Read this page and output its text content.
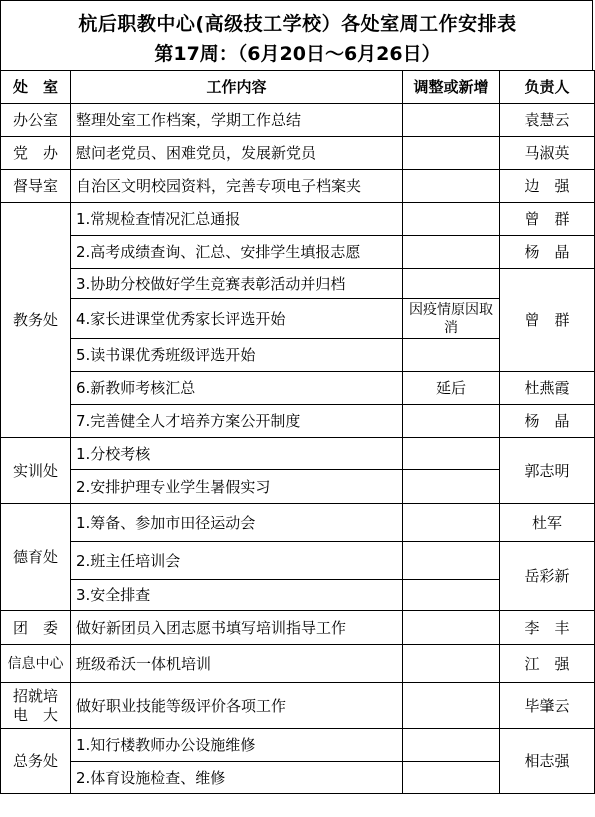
杭后职教中心(高级技工学校）各处室周工作安排表
第17周：（6月20日～6月26日）
处　室	工作内容	调整或新增	负责人
办公室	整理处室工作档案，学期工作总结		袁慧云
党　办	慰问老党员、困难党员，发展新党员		马淑英
督导室	自治区文明校园资料，完善专项电子档案夹		边　强
教务处	1.常规检查情况汇总通报		曾　群
	2.高考成绩查询、汇总、安排学生填报志愿		杨　晶
	3.协助分校做好学生竞赛表彰活动并归档		曾　群
	4.家长进课堂优秀家长评选开始	因疫情原因取消	
	5.读书课优秀班级评选开始		
	6.新教师考核汇总	延后	杜燕霞
	7.完善健全人才培养方案公开制度		杨　晶
实训处	1.分校考核		郭志明
	2.安排护理专业学生暑假实习		
德育处	1.筹备、参加市田径运动会		杜军
	2.班主任培训会		岳彩新
	3.安全排查		
团　委	做好新团员入团志愿书填写培训指导工作		李　丰
信息中心	班级希沃一体机培训		江　强
招就培电　大	做好职业技能等级评价各项工作		毕肇云
总务处	1.知行楼教师办公设施维修		相志强
	2.体育设施检查、维修		
